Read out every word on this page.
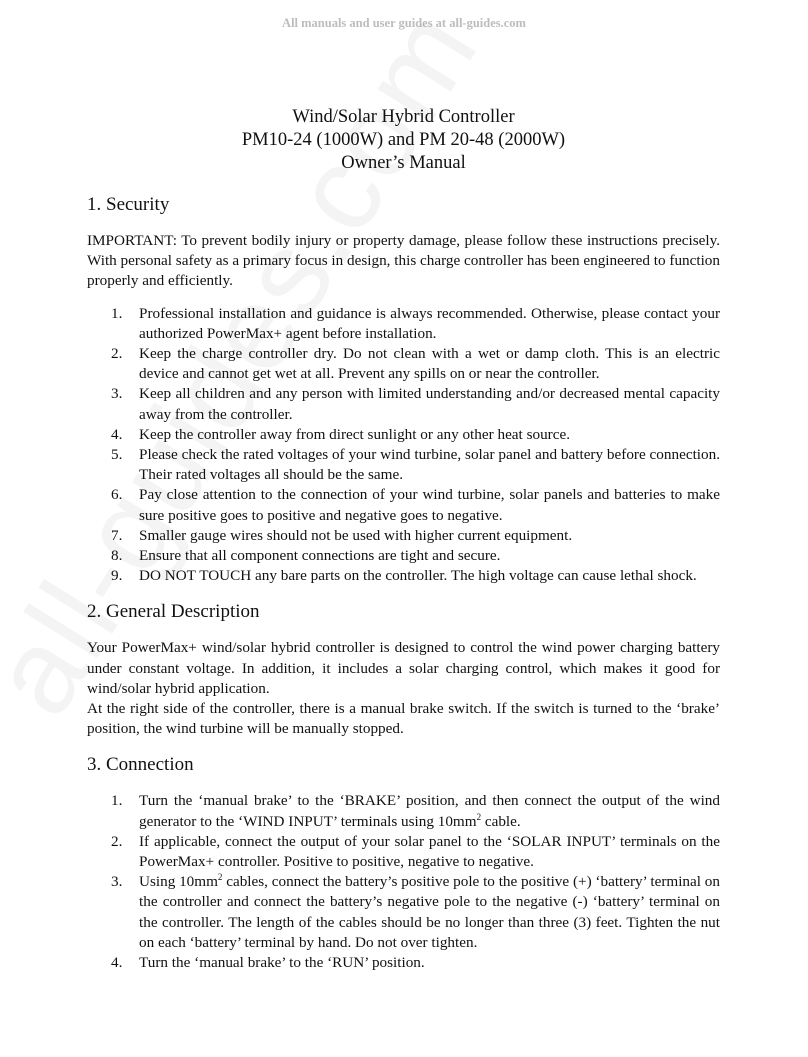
All manuals and user guides at all-guides.com
Wind/Solar Hybrid Controller
PM10-24 (1000W) and PM 20-48 (2000W)
Owner’s Manual
1. Security

IMPORTANT: To prevent bodily injury or property damage, please follow these instructions precisely. With personal safety as a primary focus in design, this charge controller has been engineered to function properly and efficiently.

1. Professional installation and guidance is always recommended. Otherwise, please contact your authorized PowerMax+ agent before installation.
2. Keep the charge controller dry. Do not clean with a wet or damp cloth. This is an electric device and cannot get wet at all. Prevent any spills on or near the controller.
3. Keep all children and any person with limited understanding and/or decreased mental capacity away from the controller.
4. Keep the controller away from direct sunlight or any other heat source.
5. Please check the rated voltages of your wind turbine, solar panel and battery before connection. Their rated voltages all should be the same.
6. Pay close attention to the connection of your wind turbine, solar panels and batteries to make sure positive goes to positive and negative goes to negative.
7. Smaller gauge wires should not be used with higher current equipment.
8. Ensure that all component connections are tight and secure.
9. DO NOT TOUCH any bare parts on the controller. The high voltage can cause lethal shock.
2. General Description

Your PowerMax+ wind/solar hybrid controller is designed to control the wind power charging battery under constant voltage. In addition, it includes a solar charging control, which makes it good for wind/solar hybrid application.

At the right side of the controller, there is a manual brake switch. If the switch is turned to the ‘brake’ position, the wind turbine will be manually stopped.

3. Connection
1. Turn the ‘manual brake’ to the ‘BRAKE’ position, and then connect the output of the wind generator to the ‘WIND INPUT’ terminals using $10mm^2$ cable.
2. If applicable, connect the output of your solar panel to the ‘SOLAR INPUT’ terminals on the PowerMax+ controller. Positive to positive, negative to negative.
3. Using $10mm^2$ cables, connect the battery’s positive pole to the positive (+) ‘battery’ terminal on the controller and connect the battery’s negative pole to the negative (-) ‘battery’ terminal on the controller. The length of the cables should be no longer than three (3) feet. Tighten the nut on each ‘battery’ terminal by hand. Do not over tighten.
4. Turn the ‘manual brake’ to the ‘RUN’ position.
